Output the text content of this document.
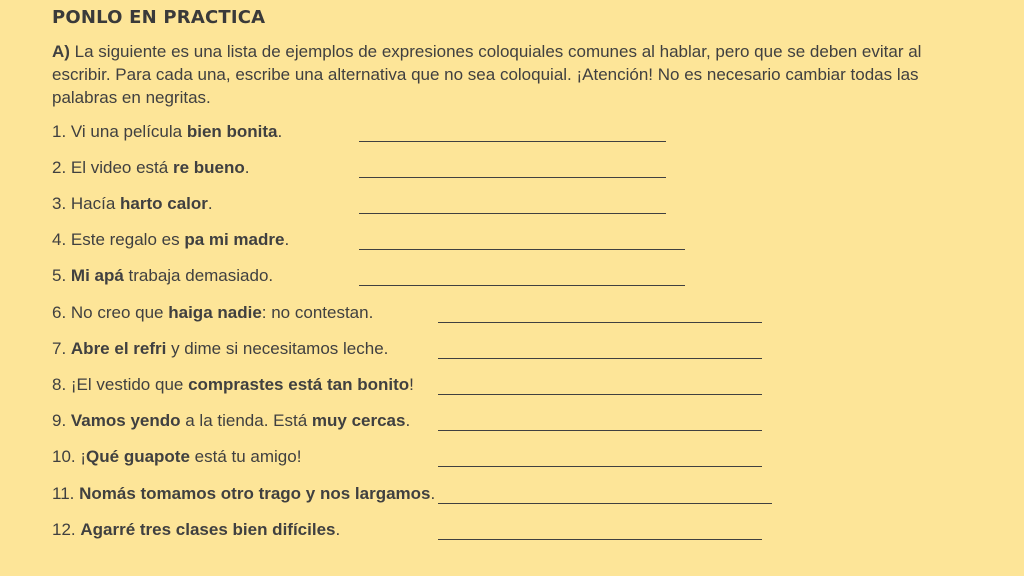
PONLO EN PRACTICA
A) La siguiente es una lista de ejemplos de expresiones coloquiales comunes al hablar, pero que se deben evitar al escribir. Para cada una, escribe una alternativa que no sea coloquial. ¡Atención! No es necesario cambiar todas las palabras en negritas.
1. Vi una película bien bonita.
2. El video está re bueno.
3. Hacía harto calor.
4. Este regalo es pa mi madre.
5. Mi apá trabaja demasiado.
6. No creo que haiga nadie: no contestan.
7. Abre el refri y dime si necesitamos leche.
8. ¡El vestido que comprastes está tan bonito!
9. Vamos yendo a la tienda. Está muy cercas.
10. ¡Qué guapote está tu amigo!
11. Nomás tomamos otro trago y nos largamos.
12. Agarré tres clases bien difíciles.
